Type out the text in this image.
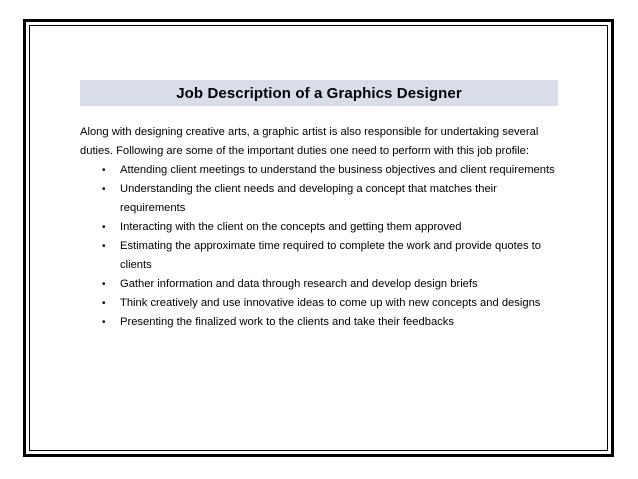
Job Description of a Graphics Designer

Along with designing creative arts, a graphic artist is also responsible for undertaking several duties. Following are some of the important duties one need to perform with this job profile:

• Attending client meetings to understand the business objectives and client requirements
• Understanding the client needs and developing a concept that matches their requirements
• Interacting with the client on the concepts and getting them approved
• Estimating the approximate time required to complete the work and provide quotes to clients
• Gather information and data through research and develop design briefs
• Think creatively and use innovative ideas to come up with new concepts and designs
• Presenting the finalized work to the clients and take their feedbacks
